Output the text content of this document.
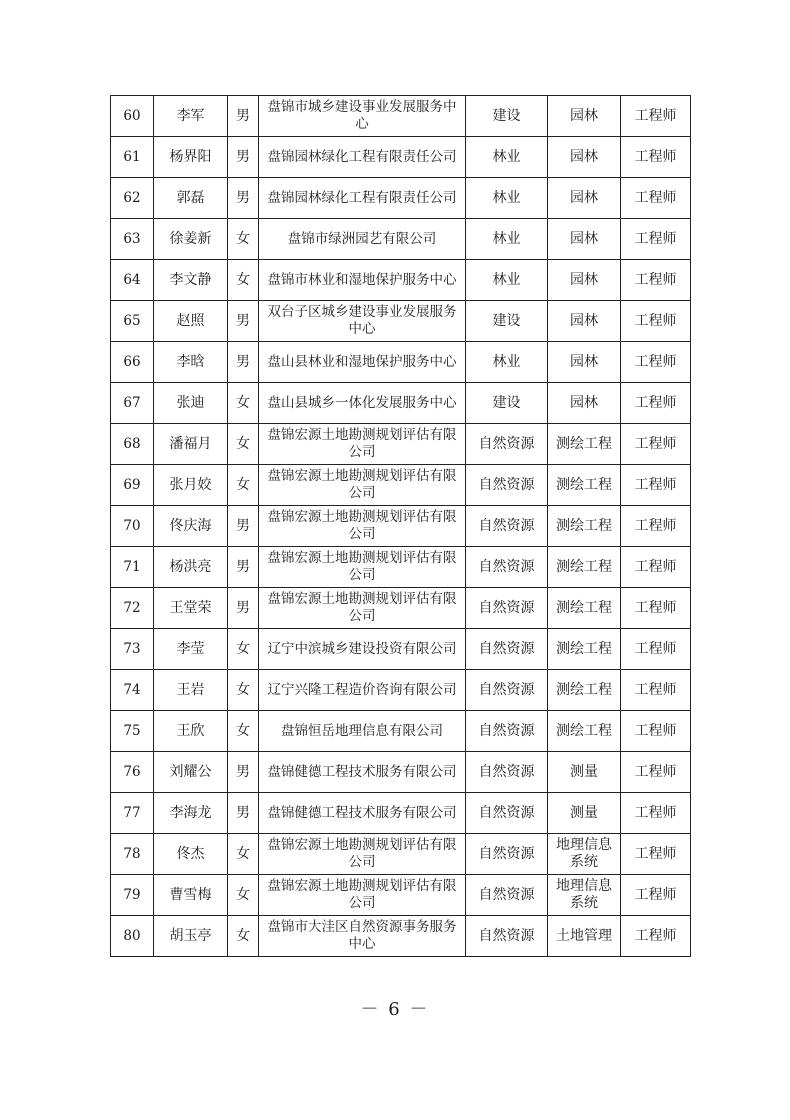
60	李军	男	盘锦市城乡建设事业发展服务中心	建设	园林	工程师
61	杨界阳	男	盘锦园林绿化工程有限责任公司	林业	园林	工程师
62	郭磊	男	盘锦园林绿化工程有限责任公司	林业	园林	工程师
63	徐姜新	女	盘锦市绿洲园艺有限公司	林业	园林	工程师
64	李文静	女	盘锦市林业和湿地保护服务中心	林业	园林	工程师
65	赵照	男	双台子区城乡建设事业发展服务中心	建设	园林	工程师
66	李晗	男	盘山县林业和湿地保护服务中心	林业	园林	工程师
67	张迪	女	盘山县城乡一体化发展服务中心	建设	园林	工程师
68	潘福月	女	盘锦宏源土地勘测规划评估有限公司	自然资源	测绘工程	工程师
69	张月姣	女	盘锦宏源土地勘测规划评估有限公司	自然资源	测绘工程	工程师
70	佟庆海	男	盘锦宏源土地勘测规划评估有限公司	自然资源	测绘工程	工程师
71	杨洪亮	男	盘锦宏源土地勘测规划评估有限公司	自然资源	测绘工程	工程师
72	王堂荣	男	盘锦宏源土地勘测规划评估有限公司	自然资源	测绘工程	工程师
73	李莹	女	辽宁中滨城乡建设投资有限公司	自然资源	测绘工程	工程师
74	王岩	女	辽宁兴隆工程造价咨询有限公司	自然资源	测绘工程	工程师
75	王欣	女	盘锦恒岳地理信息有限公司	自然资源	测绘工程	工程师
76	刘耀公	男	盘锦健德工程技术服务有限公司	自然资源	测量	工程师
77	李海龙	男	盘锦健德工程技术服务有限公司	自然资源	测量	工程师
78	佟杰	女	盘锦宏源土地勘测规划评估有限公司	自然资源	地理信息系统	工程师
79	曹雪梅	女	盘锦宏源土地勘测规划评估有限公司	自然资源	地理信息系统	工程师
80	胡玉亭	女	盘锦市大洼区自然资源事务服务中心	自然资源	土地管理	工程师
－ 6 －
